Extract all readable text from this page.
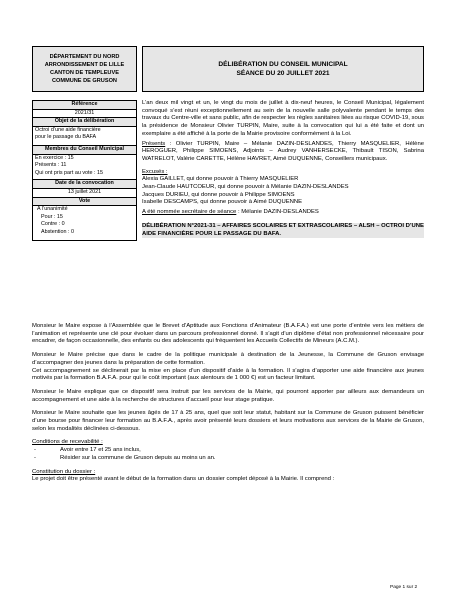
DÉPARTEMENT DU NORD
ARRONDISSEMENT DE LILLE
CANTON DE TEMPLEUVE
COMMUNE DE GRUSON
DÉLIBÉRATION DU CONSEIL MUNICIPAL
SÉANCE DU 20 JUILLET 2021
Référence
2021/31
Objet de la délibération
Octroi d’une aide financière
pour le passage du BAFA
Membres du Conseil Municipal
En exercice : 15
Présents : 11
Qui ont pris part au vote : 15
Date de la convocation
13 juillet 2021
Vote
A l’unanimité
Pour : 15
Contre : 0
Abstention : 0

L’an deux mil vingt et un, le vingt du mois de juillet à dix-neuf heures, le Conseil Municipal, légalement convoqué s’est réuni exceptionnellement au sein de la nouvelle salle polyvalente pendant le temps des travaux du Centre-ville et sans public, afin de respecter les règles sanitaires liées au risque COVID-19, sous la présidence de Monsieur Olivier TURPIN, Maire, suite à la convocation qui lui a été faite et dont un exemplaire a été affiché à la porte de la Mairie provisoire conformément à la Loi.

Présents : Olivier TURPIN, Maire – Mélanie DAZIN-DESLANDES, Thierry MASQUELIER, Hélène HEROGUER, Philippe SIMOENS, Adjoints – Audrey VANHERSECKE, Thibault TISON, Sabrina WATRELOT, Valérie CARETTE, Hélène HAVRET, Aimé DUQUENNE, Conseillers municipaux.

Excusés :

Alexia GAILLET, qui donne pouvoir à Thierry MASQUELIER
Jean-Claude HAUTCOEUR, qui donne pouvoir à Mélanie DAZIN-DESLANDES
Jacques DURIEU, qui donne pouvoir à Philippe SIMOENS
Isabelle DESCAMPS, qui donne pouvoir à Aimé DUQUENNE

A été nommée secrétaire de séance : Mélanie DAZIN-DESLANDES

DÉLIBÉRATION N°2021-31 – AFFAIRES SCOLAIRES ET EXTRASCOLAIRES – ALSH – OCTROI D’UNE AIDE FINANCIÈRE POUR LE PASSAGE DU BAFA.

Monsieur le Maire expose à l’Assemblée que le Brevet d’Aptitude aux Fonctions d’Animateur (B.A.F.A.) est une porte d’entrée vers les métiers de l’animation et représente une clé pour évoluer dans un parcours professionnel donné. Il s’agit d’un diplôme d’état non professionnel nécessaire pour encadrer, de façon occasionnelle, des enfants ou des adolescents qui fréquentent les Accueils Collectifs de Mineurs (A.C.M.).

Monsieur le Maire précise que dans le cadre de la politique municipale à destination de la Jeunesse, la Commune de Gruson envisage d’accompagner des jeunes dans la préparation de cette formation.

Cet accompagnement se déclinerait par la mise en place d’un dispositif d’aide à la formation. Il s’agira d’apporter une aide financière aux jeunes motivés par la formation B.A.F.A. pour qui le coût important (aux alentours de 1 000 €) est un facteur limitant.

Monsieur le Maire explique que ce dispositif sera instruit par les services de la Mairie, qui pourront apporter par ailleurs aux demandeurs un accompagnement et une aide à la recherche de structures d’accueil pour leur stage pratique.

Monsieur le Maire souhaite que les jeunes âgés de 17 à 25 ans, quel que soit leur statut, habitant sur la Commune de Gruson puissent bénéficier d’une bourse pour financer leur formation au B.A.F.A., après avoir présenté leurs dossiers et leurs motivations aux services de la Mairie de Gruson, selon les modalités déclinées ci-dessous.

Conditions de recevabilité :

-	Avoir entre 17 et 25 ans inclus,
-	Résider sur la commune de Gruson depuis au moins un an.

Constitution du dossier :

Le projet doit être présenté avant le début de la formation dans un dossier complet déposé à la Mairie. Il comprend :

Page 1 sur 2
